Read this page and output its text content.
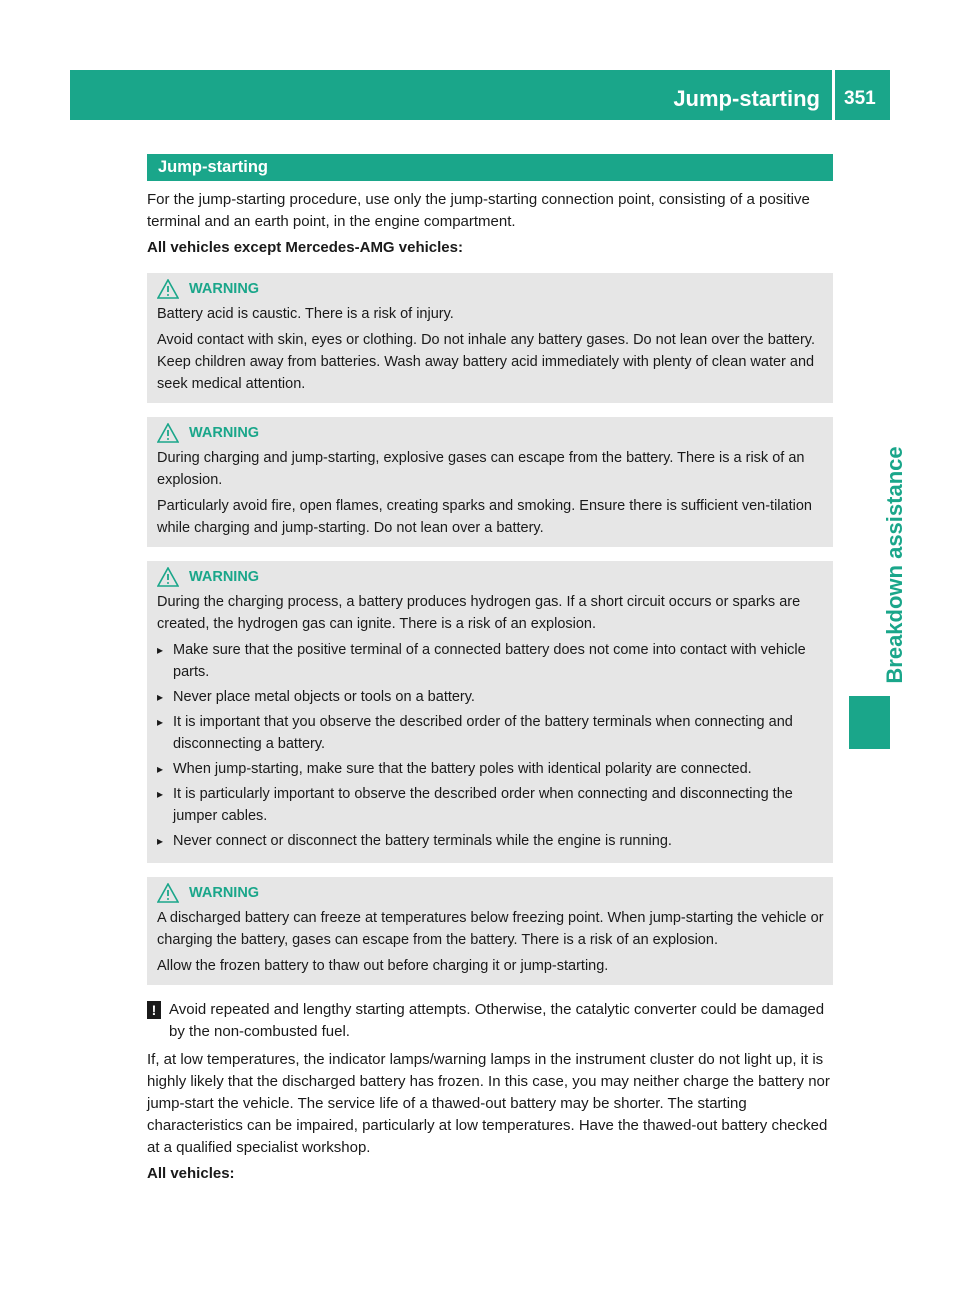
Jump-starting 351
Breakdown assistance
Jump-starting

For the jump-starting procedure, use only the jump-starting connection point, consisting of a positive terminal and an earth point, in the engine compartment.

All vehicles except Mercedes-AMG vehicles:

WARNING

Battery acid is caustic. There is a risk of injury.

Avoid contact with skin, eyes or clothing. Do not inhale any battery gases. Do not lean over the battery. Keep children away from batteries. Wash away battery acid immediately with plenty of clean water and seek medical attention.

WARNING

During charging and jump-starting, explosive gases can escape from the battery. There is a risk of an explosion.

Particularly avoid fire, open flames, creating sparks and smoking. Ensure there is sufficient ven-tilation while charging and jump-starting. Do not lean over a battery.

WARNING

During the charging process, a battery produces hydrogen gas. If a short circuit occurs or sparks are created, the hydrogen gas can ignite. There is a risk of an explosion.

▸ Make sure that the positive terminal of a connected battery does not come into contact with vehicle parts.
▸ Never place metal objects or tools on a battery.
▸ It is important that you observe the described order of the battery terminals when connecting and disconnecting a battery.
▸ When jump-starting, make sure that the battery poles with identical polarity are connected.
▸ It is particularly important to observe the described order when connecting and disconnecting the jumper cables.
▸ Never connect or disconnect the battery terminals while the engine is running.
WARNING

A discharged battery can freeze at temperatures below freezing point. When jump-starting the vehicle or charging the battery, gases can escape from the battery. There is a risk of an explosion.

Allow the frozen battery to thaw out before charging it or jump-starting.

! Avoid repeated and lengthy starting attempts. Otherwise, the catalytic converter could be damaged by the non-combusted fuel.

If, at low temperatures, the indicator lamps/warning lamps in the instrument cluster do not light up, it is highly likely that the discharged battery has frozen. In this case, you may neither charge the battery nor jump-start the vehicle. The service life of a thawed-out battery may be shorter. The starting characteristics can be impaired, particularly at low temperatures. Have the thawed-out battery checked at a qualified specialist workshop.

All vehicles:
